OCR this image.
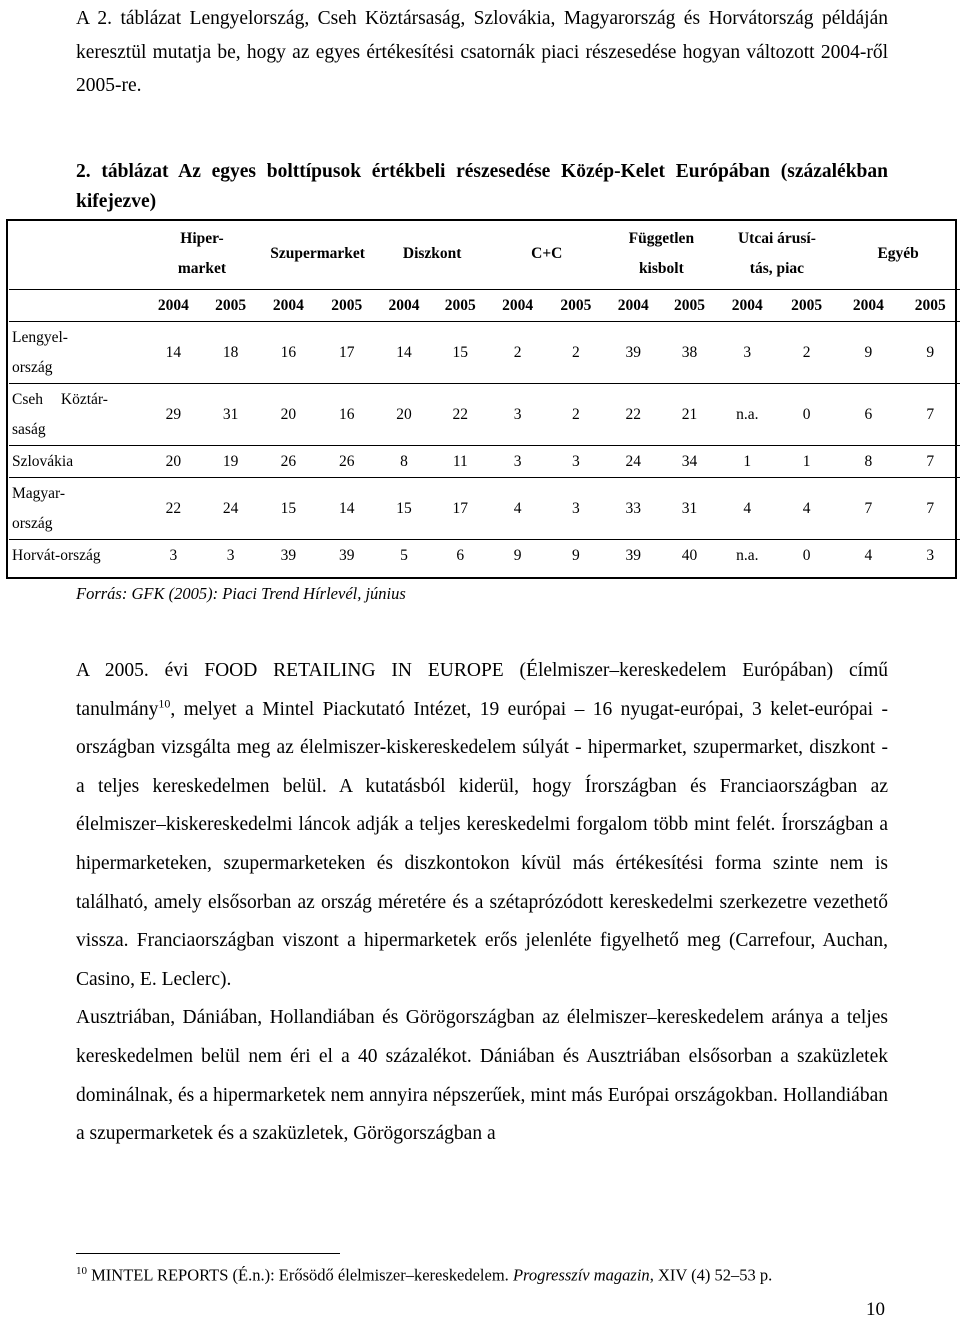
A 2. táblázat Lengyelország, Cseh Köztársaság, Szlovákia, Magyarország és Horvátország példáján keresztül mutatja be, hogy az egyes értékesítési csatornák piaci részesedése hogyan változott 2004-ről 2005-re.
2. táblázat Az egyes bolttípusok értékbeli részesedése Közép-Kelet Európában (százalékban kifejezve)
	Hiper-
market		Szupermarket		Diszkont		C+C		Független
kisbolt		Utcai árusí-
tás, piac		Egyéb	
	2004	2005	2004	2005	2004	2005	2004	2005	2004	2005	2004	2005	2004	2005
Lengyel-
ország	14	18	16	17	14	15	2	2	39	38	3	2	9	9
Cseh Köztár-
saság	29	31	20	16	20	22	3	2	22	21	n.a.	0	6	7
Szlovákia	20	19	26	26	8	11	3	3	24	34	1	1	8	7
Magyar-
ország	22	24	15	14	15	17	4	3	33	31	4	4	7	7
Horvát-ország	3	3	39	39	5	6	9	9	39	40	n.a.	0	4	3
Forrás: GFK (2005): Piaci Trend Hírlevél, június

A 2005. évi FOOD RETAILING IN EUROPE (Élelmiszer–kereskedelem Európában) című tanulmány$^{10}$, melyet a Mintel Piackutató Intézet, 19 európai – 16 nyugat-európai, 3 kelet-európai - országban vizsgálta meg az élelmiszer-kiskereskedelem súlyát - hipermarket, szupermarket, diszkont - a teljes kereskedelmen belül. A kutatásból kiderül, hogy Írországban és Franciaországban az élelmiszer–kiskereskedelmi láncok adják a teljes kereskedelmi forgalom több mint felét. Írországban a hipermarketeken, szupermarketeken és diszkontokon kívül más értékesítési forma szinte nem is található, amely elsősorban az ország méretére és a szétaprózódott kereskedelmi szerkezetre vezethető vissza. Franciaországban viszont a hipermarketek erős jelenléte figyelhető meg (Carrefour, Auchan, Casino, E. Leclerc).

Ausztriában, Dániában, Hollandiában és Görögországban az élelmiszer–kereskedelem aránya a teljes kereskedelmen belül nem éri el a 40 százalékot. Dániában és Ausztriában elsősorban a szaküzletek dominálnak, és a hipermarketek nem annyira népszerűek, mint más Európai országokban. Hollandiában a szupermarketek és a szaküzletek, Görögországban a

$^{10}$ MINTEL REPORTS (É.n.): Erősödő élelmiszer–kereskedelem. Progresszív magazin, XIV (4) 52–53 p.
10
